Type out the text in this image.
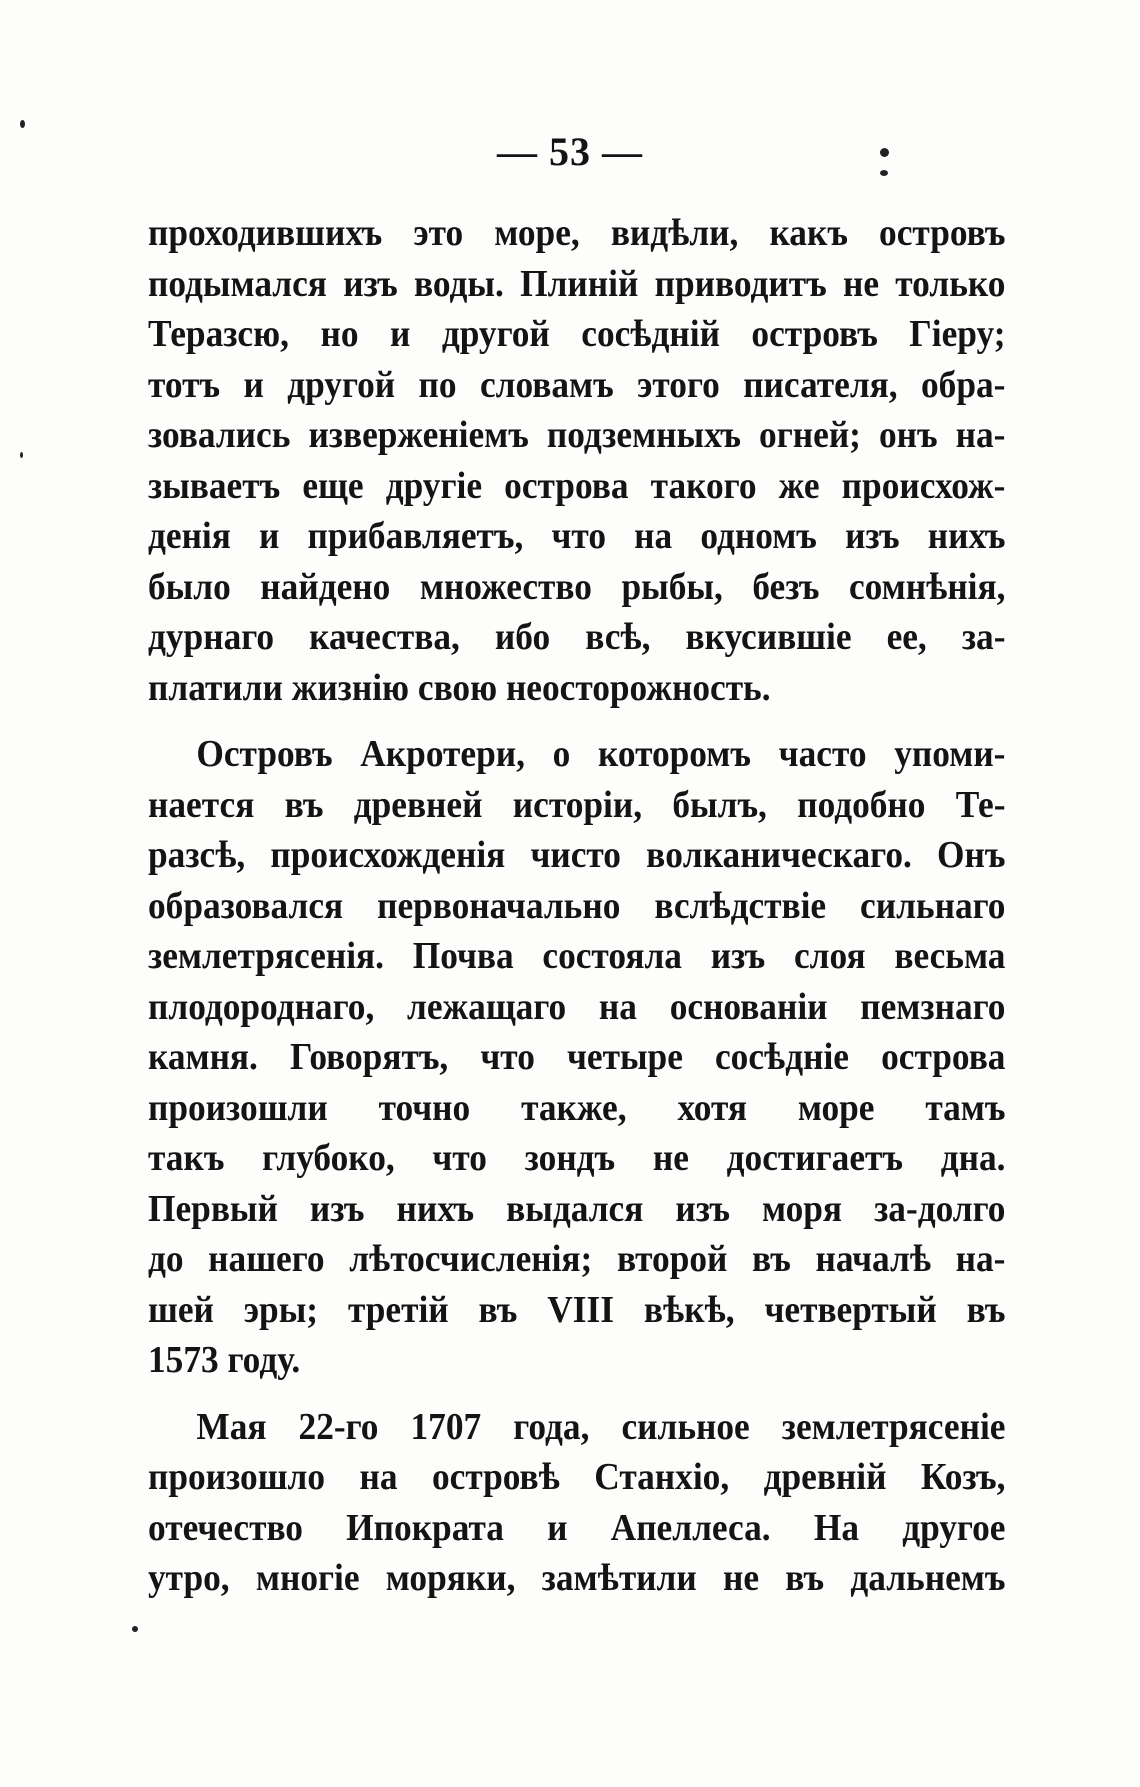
— 53 —
проходившихъ это море, видѣли, какъ островъ
подымался изъ воды. Плиній приводитъ не только
Теразсю, но и другой сосѣдній островъ Гіеру;
тотъ и другой по словамъ этого писателя, обра-
зовались изверженіемъ подземныхъ огней; онъ на-
зываетъ еще другіе острова такого же происхож-
денія и прибавляетъ, что на одномъ изъ нихъ
было найдено множество рыбы, безъ сомнѣнія,
дурнаго качества, ибо всѣ, вкусившіе ее, за-
платили жизнію свою неосторожность.
Островъ Акротери, о которомъ часто упоми-
нается въ древней исторіи, былъ, подобно Те-
разсѣ, происхожденія чисто вoлканическаго. Онъ
образовался первоначально вслѣдствіе сильнаго
землетрясенія. Почва состояла изъ слоя весьма
плодороднаго, лежащаго на основаніи пемзнаго
камня. Говорятъ, что четыре сосѣдніе острова
произошли точно также, хотя море тамъ
такъ глубоко, что зондъ не достигаетъ дна.
Первый изъ нихъ выдался изъ моря за-долго
до нашего лѣтосчисленія; второй въ началѣ на-
шей эры; третій въ VIII вѣкѣ, четвертый въ
1573 году.
Мая 22-го 1707 года, сильное землетрясеніе
произошло на островѣ Станхіо, древній Козъ,
отечество Ипократа и Апеллеса. На другое
утро, многіе моряки, замѣтили не въ дальнемъ
